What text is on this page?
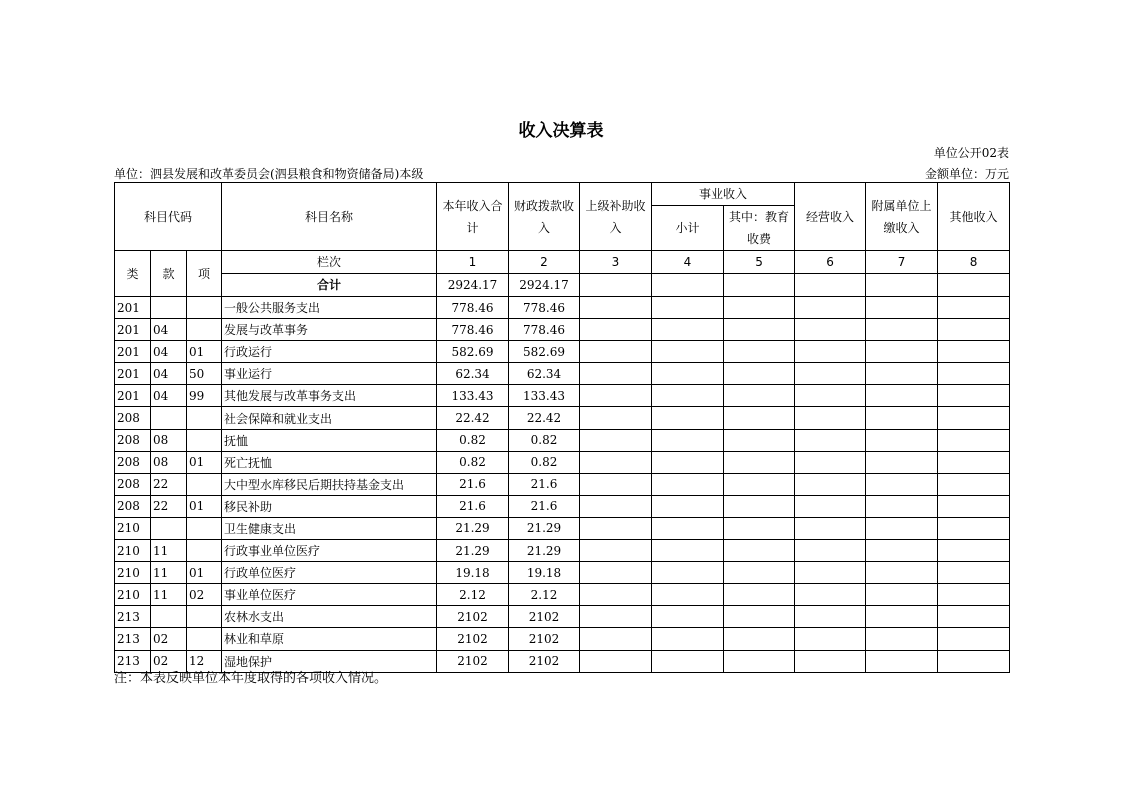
收入决算表
单位公开02表
单位：泗县发展和改革委员会(泗县粮食和物资储备局)本级	金额单位：万元
科目代码			科目名称	本年收入合计	财政拨款收入	上级补助收入	事业收入		经营收入	附属单位上缴收入	其他收入
							小计	其中：教育收费			

类	款	项	栏次	1	2	3	4	5	6	7	8
			合计	2924.17	2924.17						
201			一般公共服务支出	778.46	778.46						
201	04		发展与改革事务	778.46	778.46						
201	04	01	行政运行	582.69	582.69						
201	04	50	事业运行	62.34	62.34						
201	04	99	其他发展与改革事务支出	133.43	133.43						
208			社会保障和就业支出	22.42	22.42						
208	08		抚恤	0.82	0.82						
208	08	01	死亡抚恤	0.82	0.82						
208	22		大中型水库移民后期扶持基金支出	21.6	21.6						
208	22	01	移民补助	21.6	21.6						
210			卫生健康支出	21.29	21.29						
210	11		行政事业单位医疗	21.29	21.29						
210	11	01	行政单位医疗	19.18	19.18						
210	11	02	事业单位医疗	2.12	2.12						
213			农林水支出	2102	2102						
213	02		林业和草原	2102	2102						
213	02	12	湿地保护	2102	2102						
注：本表反映单位本年度取得的各项收入情况。
